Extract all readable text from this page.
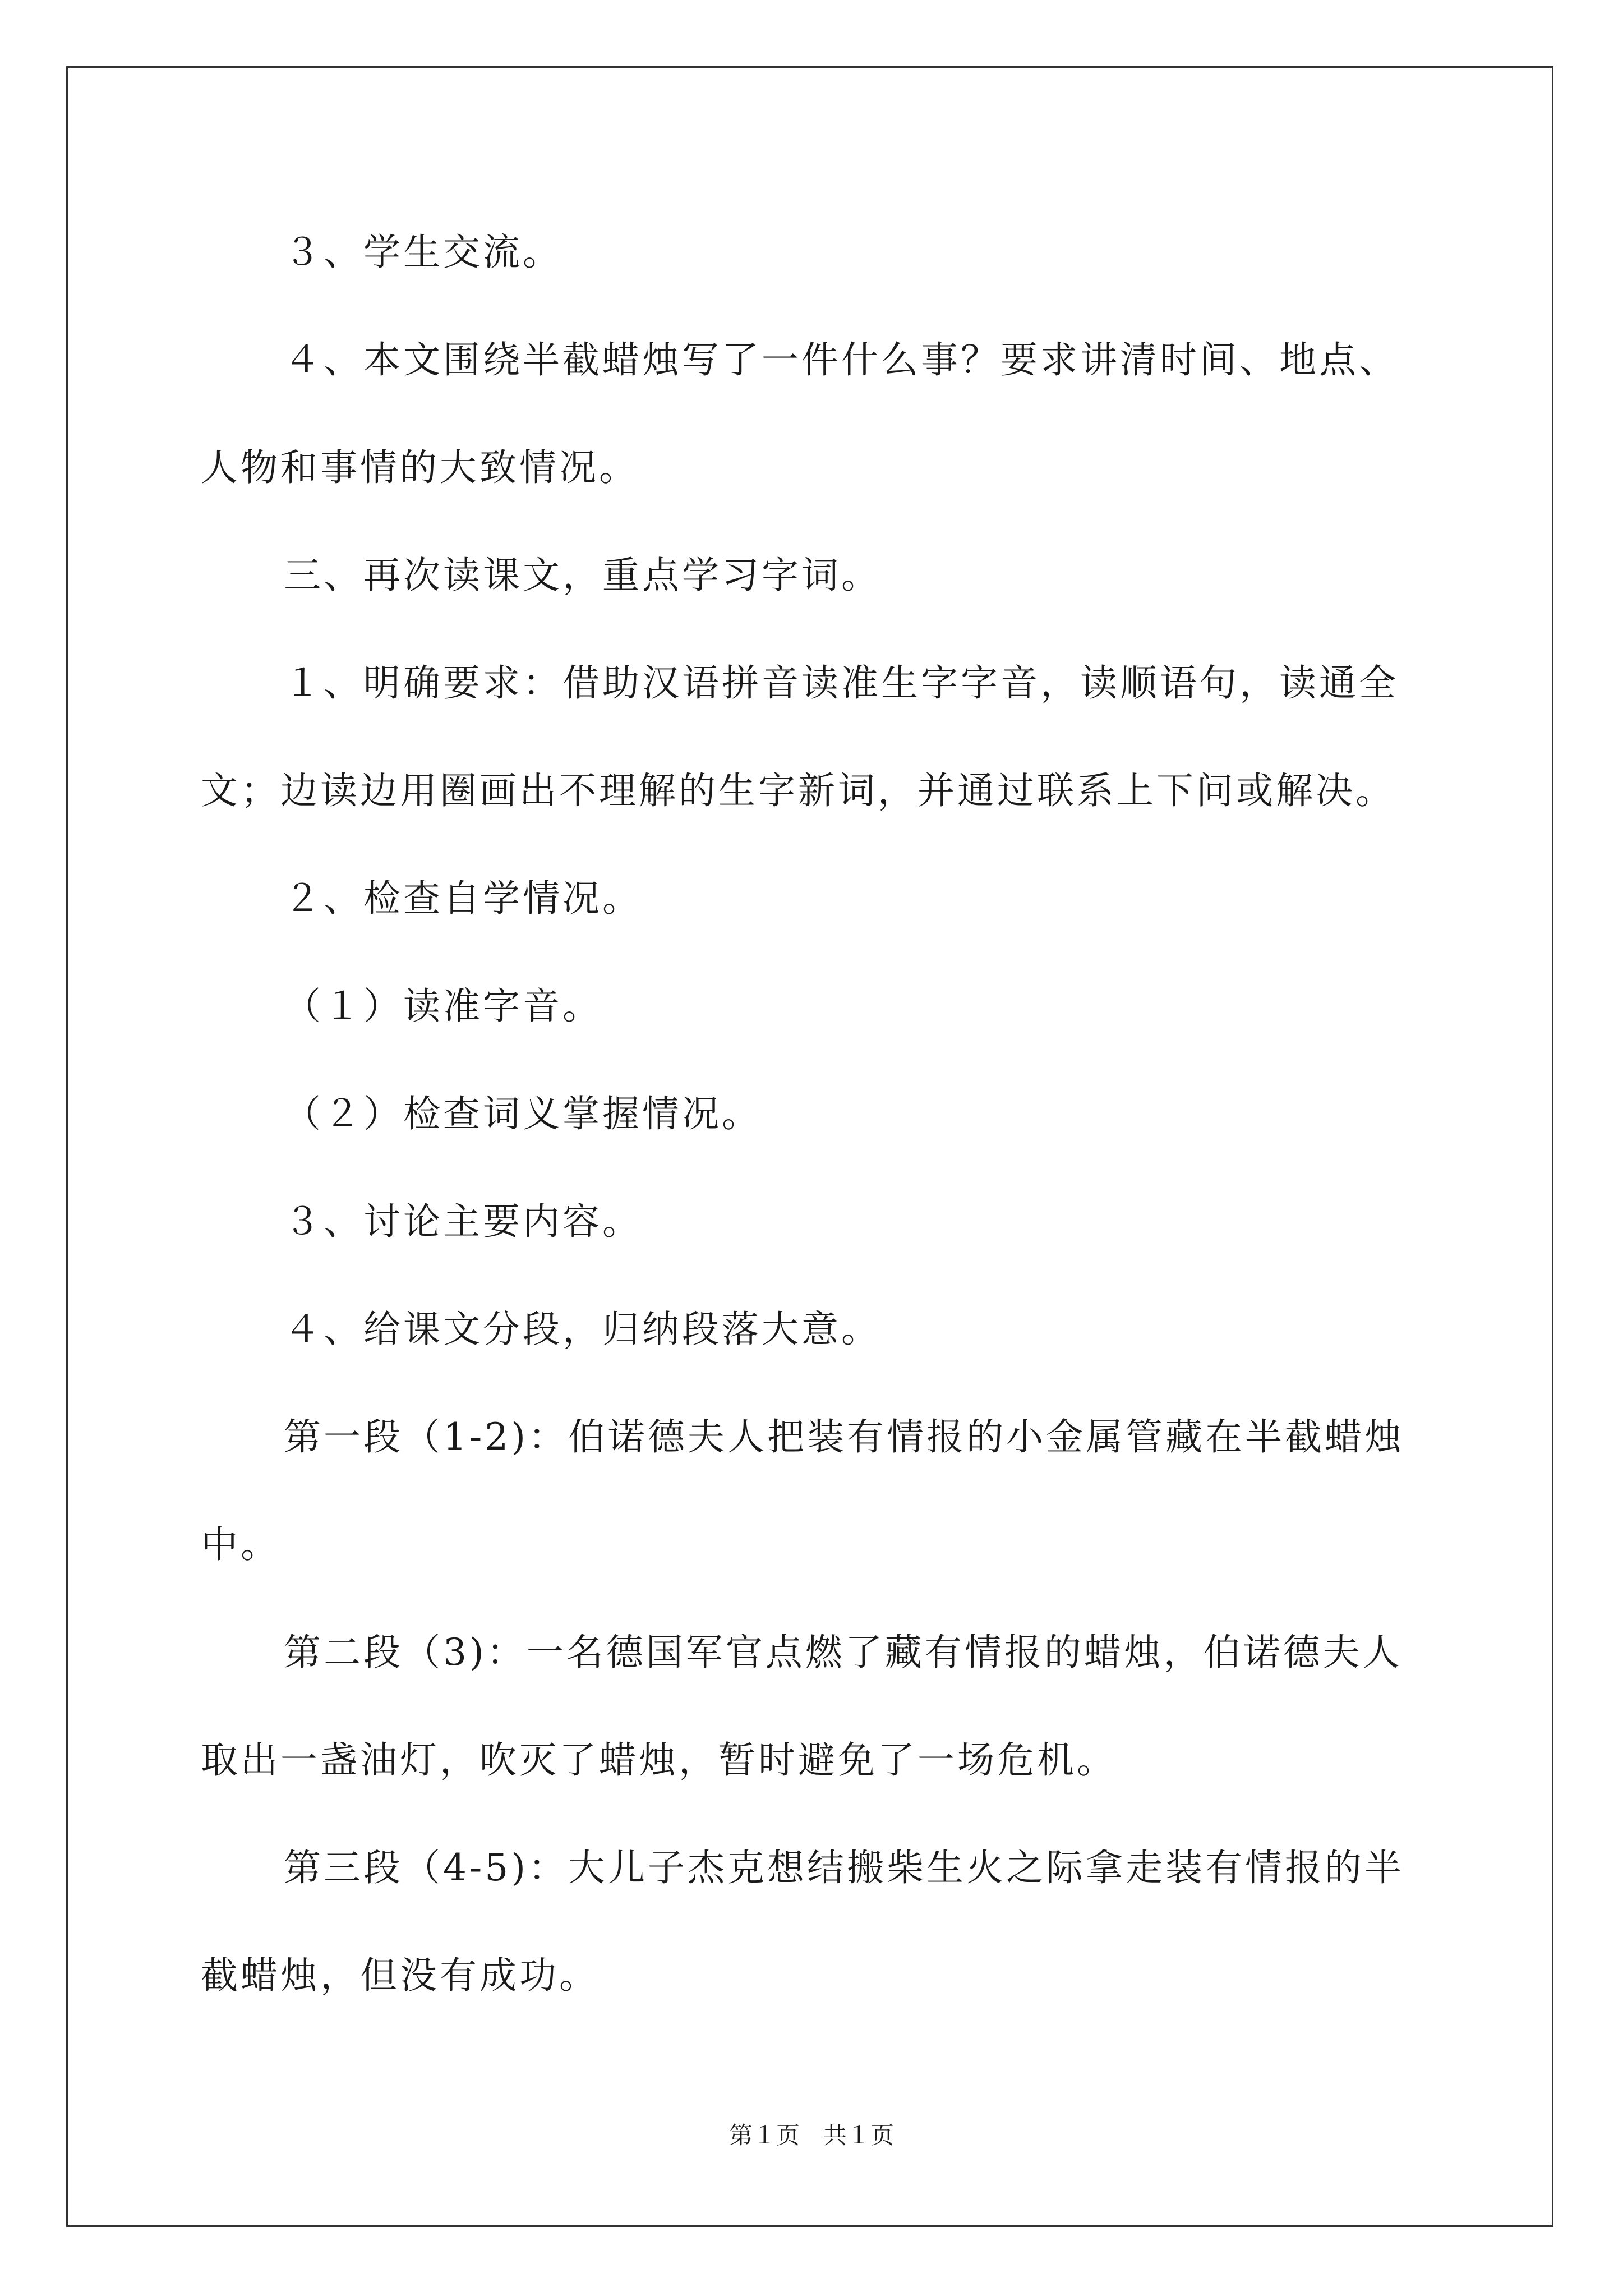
３、学生交流。

４、本文围绕半截蜡烛写了一件什么事？要求讲清时间、地点、
人物和事情的大致情况。

三、再次读课文，重点学习字词。

１、明确要求：借助汉语拼音读准生字字音，读顺语句，读通全
文；边读边用圈画出不理解的生字新词，并通过联系上下问或解决。

２、检查自学情况。

（１）读准字音。

（２）检查词义掌握情况。

３、讨论主要内容。

４、给课文分段，归纳段落大意。

第一段（1-2)：伯诺德夫人把装有情报的小金属管藏在半截蜡烛
中。

第二段（3)：一名德国军官点燃了藏有情报的蜡烛，伯诺德夫人
取出一盏油灯，吹灭了蜡烛，暂时避免了一场危机。

第三段（4-5)：大儿子杰克想结搬柴生火之际拿走装有情报的半
截蜡烛，但没有成功。

第１页　共１页
